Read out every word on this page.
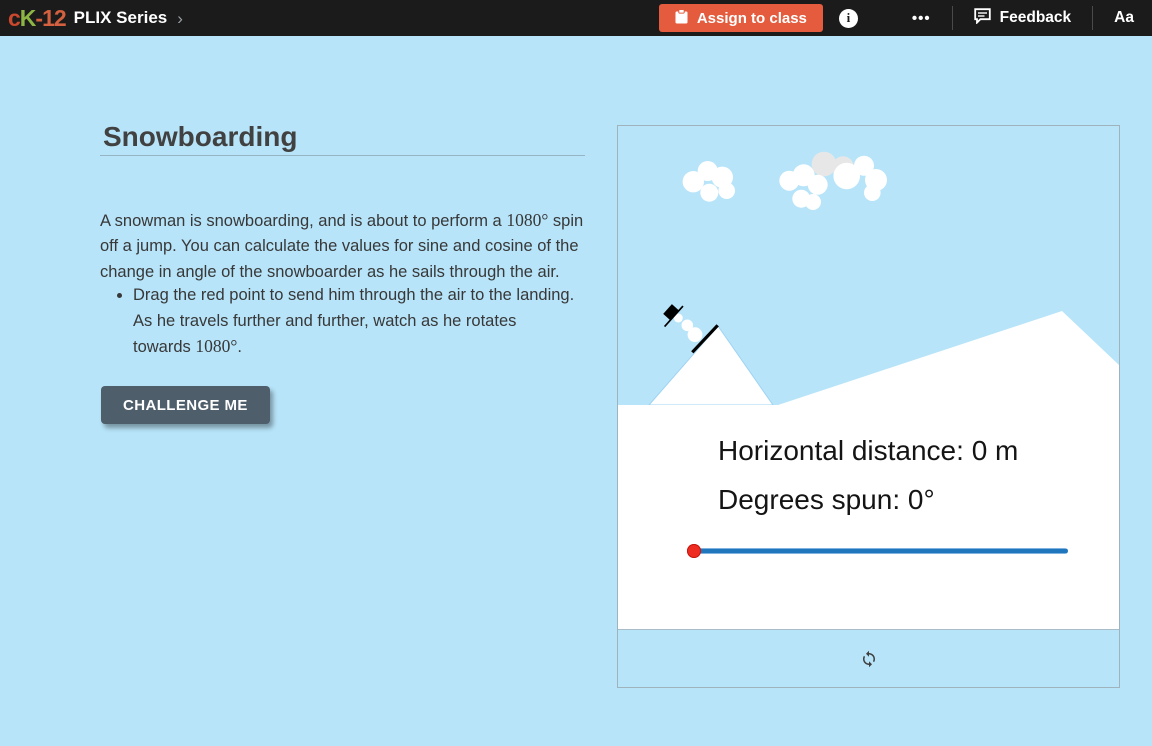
cK-12 PLIX Series ›	Assign to class	i	•••	Feedback	Aa
Snowboarding

A snowman is snowboarding, and is about to perform a 1080° spin off a jump. You can calculate the values for sine and cosine of the change in angle of the snowboarder as he sails through the air.

• Drag the red point to send him through the air to the landing. As he travels further and further, watch as he rotates towards 1080°.
CHALLENGE ME
Horizontal distance: 0 m
Degrees spun: 0°
